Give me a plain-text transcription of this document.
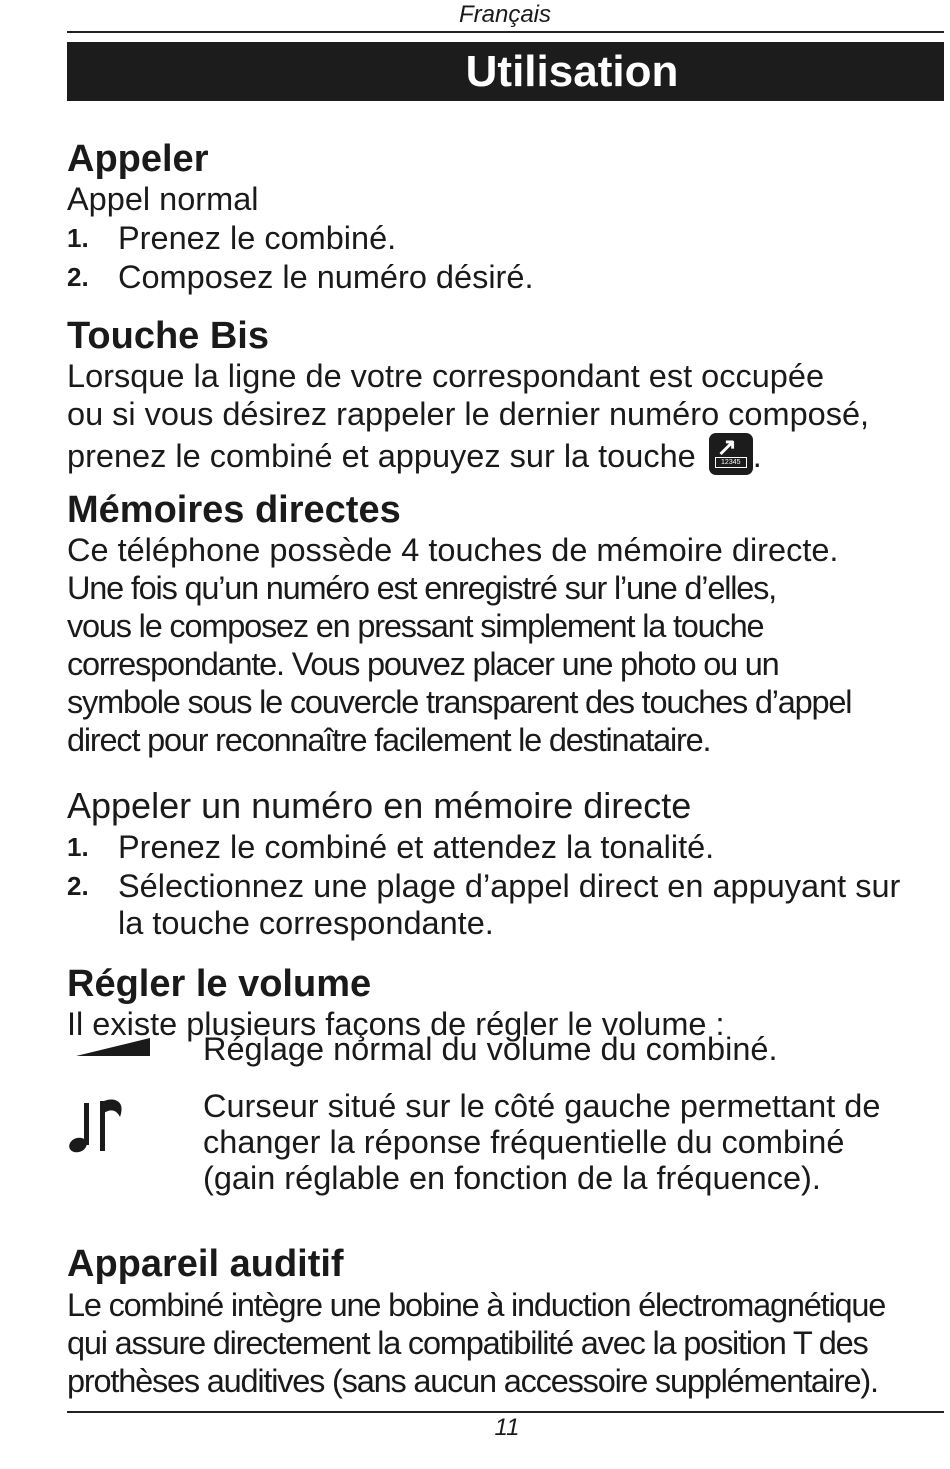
Français
Utilisation
Appeler
Appel normal
1. Prenez le combiné.
2. Composez le numéro désiré.
Touche Bis
Lorsque la ligne de votre correspondant est occupée
ou si vous désirez rappeler le dernier numéro composé,
prenez le combiné et appuyez sur la touche ↗
12345 .
Mémoires directes
Ce téléphone possède 4 touches de mémoire directe.
Une fois qu’un numéro est enregistré sur l’une d’elles,
vous le composez en pressant simplement la touche
correspondante. Vous pouvez placer une photo ou un
symbole sous le couvercle transparent des touches d’appel
direct pour reconnaître facilement le destinataire.
Appeler un numéro en mémoire directe
1. Prenez le combiné et attendez la tonalité.
2. Sélectionnez une plage d’appel direct en appuyant sur
la touche correspondante.
Régler le volume
Il existe plusieurs façons de régler le volume :
Réglage normal du volume du combiné.
Curseur situé sur le côté gauche permettant de
changer la réponse fréquentielle du combiné
(gain réglable en fonction de la fréquence).
Appareil auditif
Le combiné intègre une bobine à induction électromagnétique
qui assure directement la compatibilité avec la position T des
prothèses auditives (sans aucun accessoire supplémentaire).
11
